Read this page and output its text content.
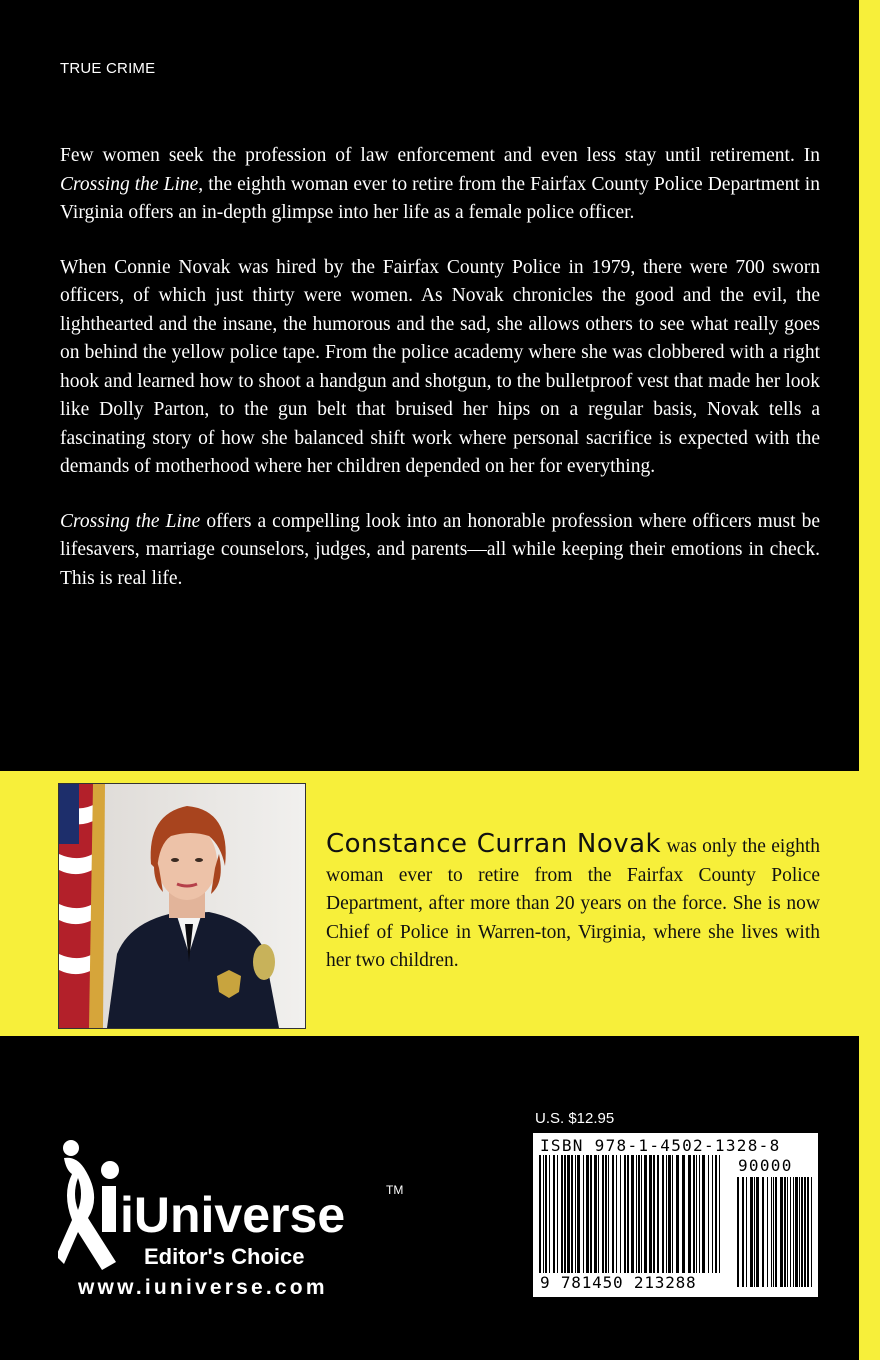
TRUE CRIME

Few women seek the profession of law enforcement and even less stay until retirement. In Crossing the Line, the eighth woman ever to retire from the Fairfax County Police Department in Virginia offers an in-depth glimpse into her life as a female police officer.

When Connie Novak was hired by the Fairfax County Police in 1979, there were 700 sworn officers, of which just thirty were women. As Novak chronicles the good and the evil, the lighthearted and the insane, the humorous and the sad, she allows others to see what really goes on behind the yellow police tape. From the police academy where she was clobbered with a right hook and learned how to shoot a handgun and shotgun, to the bulletproof vest that made her look like Dolly Parton, to the gun belt that bruised her hips on a regular basis, Novak tells a fascinating story of how she balanced shift work where personal sacrifice is expected with the demands of motherhood where her children depended on her for everything.

Crossing the Line offers a compelling look into an honorable profession where officers must be lifesavers, marriage counselors, judges, and parents—all while keeping their emotions in check. This is real life.

Constance Curran Novak was only the eighth woman ever to retire from the Fairfax County Police Department, after more than 20 years on the force. She is now Chief of Police in Warren-ton, Virginia, where she lives with her two children.
iUniverse	TM
Editor's Choice
www.iuniverse.com
U.S. $12.95
ISBN 978-1-4502-1328-8
90000
9 781450 213288
